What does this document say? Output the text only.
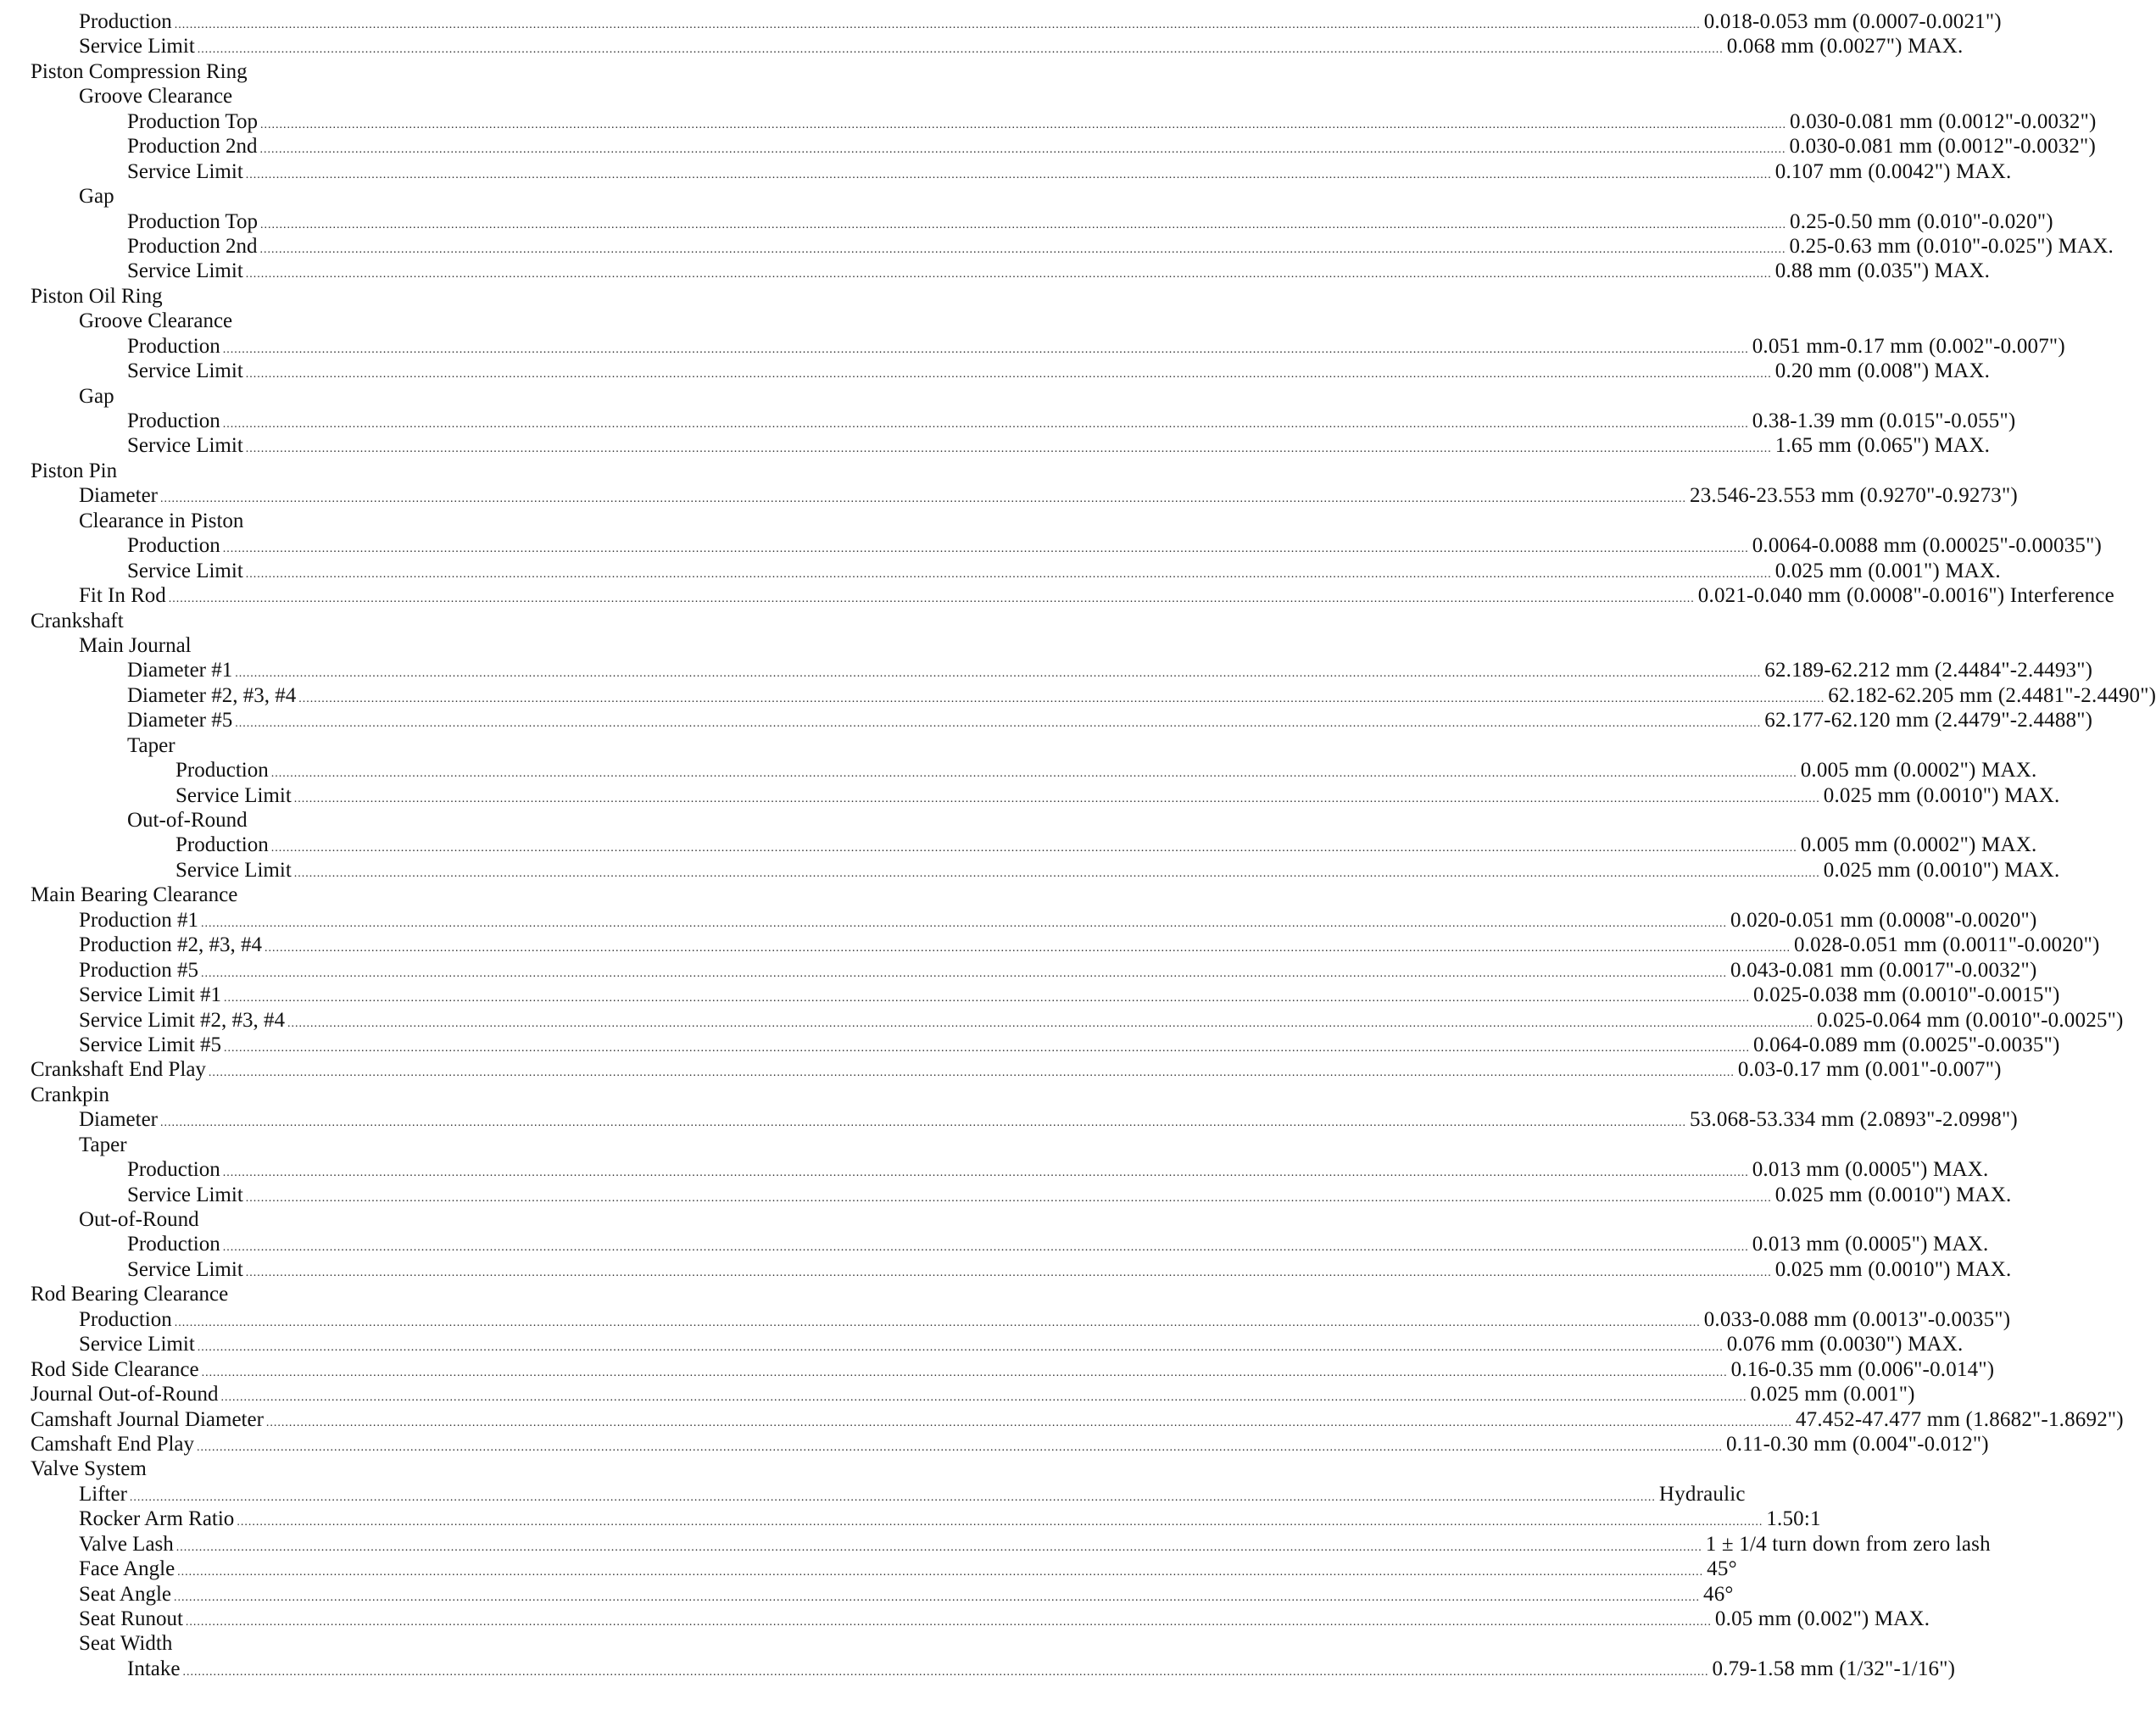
Production ................................................................................................................................................................................................................................................................................................................................................................................................................ 0.018-0.053 mm (0.0007-0.0021")
Service Limit ................................................................................................................................................................................................................................................................................................................................................................................................................ 0.068 mm (0.0027") MAX.
Piston Compression Ring
Groove Clearance
Production Top ................................................................................................................................................................................................................................................................................................................................................................................................................ 0.030-0.081 mm (0.0012"-0.0032")
Production 2nd ................................................................................................................................................................................................................................................................................................................................................................................................................ 0.030-0.081 mm (0.0012"-0.0032")
Service Limit ................................................................................................................................................................................................................................................................................................................................................................................................................ 0.107 mm (0.0042") MAX.
Gap
Production Top ................................................................................................................................................................................................................................................................................................................................................................................................................ 0.25-0.50 mm (0.010"-0.020")
Production 2nd ................................................................................................................................................................................................................................................................................................................................................................................................................ 0.25-0.63 mm (0.010"-0.025") MAX.
Service Limit ................................................................................................................................................................................................................................................................................................................................................................................................................ 0.88 mm (0.035") MAX.
Piston Oil Ring
Groove Clearance
Production ................................................................................................................................................................................................................................................................................................................................................................................................................ 0.051 mm-0.17 mm (0.002"-0.007")
Service Limit ................................................................................................................................................................................................................................................................................................................................................................................................................ 0.20 mm (0.008") MAX.
Gap
Production ................................................................................................................................................................................................................................................................................................................................................................................................................ 0.38-1.39 mm (0.015"-0.055")
Service Limit ................................................................................................................................................................................................................................................................................................................................................................................................................ 1.65 mm (0.065") MAX.
Piston Pin
Diameter ................................................................................................................................................................................................................................................................................................................................................................................................................ 23.546-23.553 mm (0.9270"-0.9273")
Clearance in Piston
Production ................................................................................................................................................................................................................................................................................................................................................................................................................ 0.0064-0.0088 mm (0.00025"-0.00035")
Service Limit ................................................................................................................................................................................................................................................................................................................................................................................................................ 0.025 mm (0.001") MAX.
Fit In Rod ................................................................................................................................................................................................................................................................................................................................................................................................................ 0.021-0.040 mm (0.0008"-0.0016") Interference
Crankshaft
Main Journal
Diameter #1 ................................................................................................................................................................................................................................................................................................................................................................................................................ 62.189-62.212 mm (2.4484"-2.4493")
Diameter #2, #3, #4 ................................................................................................................................................................................................................................................................................................................................................................................................................ 62.182-62.205 mm (2.4481"-2.4490")
Diameter #5 ................................................................................................................................................................................................................................................................................................................................................................................................................ 62.177-62.120 mm (2.4479"-2.4488")
Taper
Production ................................................................................................................................................................................................................................................................................................................................................................................................................ 0.005 mm (0.0002") MAX.
Service Limit ................................................................................................................................................................................................................................................................................................................................................................................................................ 0.025 mm (0.0010") MAX.
Out-of-Round
Production ................................................................................................................................................................................................................................................................................................................................................................................................................ 0.005 mm (0.0002") MAX.
Service Limit ................................................................................................................................................................................................................................................................................................................................................................................................................ 0.025 mm (0.0010") MAX.
Main Bearing Clearance
Production #1 ................................................................................................................................................................................................................................................................................................................................................................................................................ 0.020-0.051 mm (0.0008"-0.0020")
Production #2, #3, #4 ................................................................................................................................................................................................................................................................................................................................................................................................................ 0.028-0.051 mm (0.0011"-0.0020")
Production #5 ................................................................................................................................................................................................................................................................................................................................................................................................................ 0.043-0.081 mm (0.0017"-0.0032")
Service Limit #1 ................................................................................................................................................................................................................................................................................................................................................................................................................ 0.025-0.038 mm (0.0010"-0.0015")
Service Limit #2, #3, #4 ................................................................................................................................................................................................................................................................................................................................................................................................................ 0.025-0.064 mm (0.0010"-0.0025")
Service Limit #5 ................................................................................................................................................................................................................................................................................................................................................................................................................ 0.064-0.089 mm (0.0025"-0.0035")
Crankshaft End Play ................................................................................................................................................................................................................................................................................................................................................................................................................ 0.03-0.17 mm (0.001"-0.007")
Crankpin
Diameter ................................................................................................................................................................................................................................................................................................................................................................................................................ 53.068-53.334 mm (2.0893"-2.0998")
Taper
Production ................................................................................................................................................................................................................................................................................................................................................................................................................ 0.013 mm (0.0005") MAX.
Service Limit ................................................................................................................................................................................................................................................................................................................................................................................................................ 0.025 mm (0.0010") MAX.
Out-of-Round
Production ................................................................................................................................................................................................................................................................................................................................................................................................................ 0.013 mm (0.0005") MAX.
Service Limit ................................................................................................................................................................................................................................................................................................................................................................................................................ 0.025 mm (0.0010") MAX.
Rod Bearing Clearance
Production ................................................................................................................................................................................................................................................................................................................................................................................................................ 0.033-0.088 mm (0.0013"-0.0035")
Service Limit ................................................................................................................................................................................................................................................................................................................................................................................................................ 0.076 mm (0.0030") MAX.
Rod Side Clearance ................................................................................................................................................................................................................................................................................................................................................................................................................ 0.16-0.35 mm (0.006"-0.014")
Journal Out-of-Round ................................................................................................................................................................................................................................................................................................................................................................................................................ 0.025 mm (0.001")
Camshaft Journal Diameter ................................................................................................................................................................................................................................................................................................................................................................................................................ 47.452-47.477 mm (1.8682"-1.8692")
Camshaft End Play ................................................................................................................................................................................................................................................................................................................................................................................................................ 0.11-0.30 mm (0.004"-0.012")
Valve System
Lifter ................................................................................................................................................................................................................................................................................................................................................................................................................ Hydraulic
Rocker Arm Ratio ................................................................................................................................................................................................................................................................................................................................................................................................................ 1.50:1
Valve Lash ................................................................................................................................................................................................................................................................................................................................................................................................................ 1 ± 1/4 turn down from zero lash
Face Angle ................................................................................................................................................................................................................................................................................................................................................................................................................ 45°
Seat Angle ................................................................................................................................................................................................................................................................................................................................................................................................................ 46°
Seat Runout ................................................................................................................................................................................................................................................................................................................................................................................................................ 0.05 mm (0.002") MAX.
Seat Width
Intake ................................................................................................................................................................................................................................................................................................................................................................................................................ 0.79-1.58 mm (1/32"-1/16")
